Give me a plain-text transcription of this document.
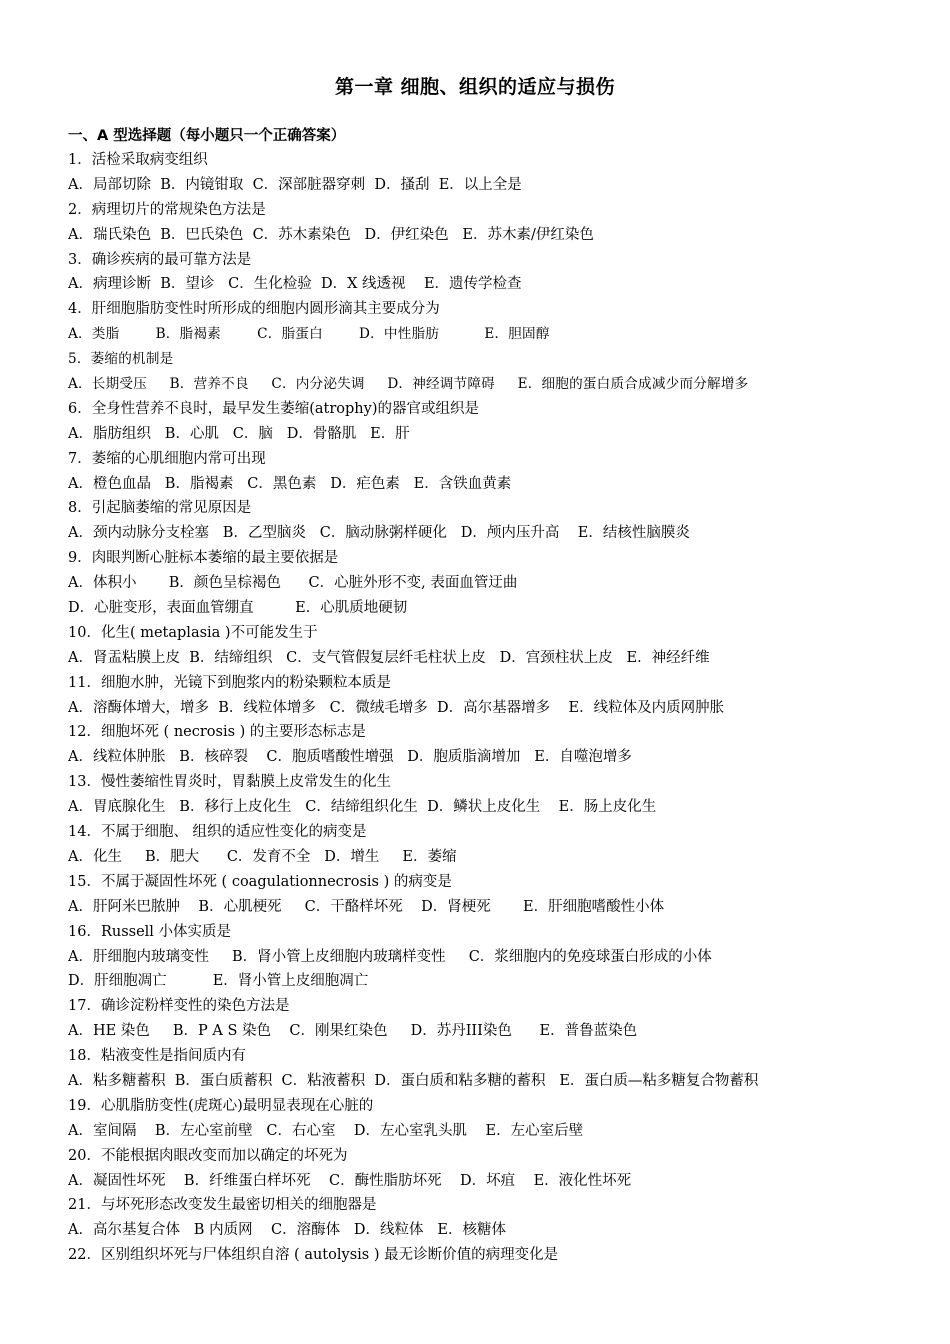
第一章 细胞、组织的适应与损伤
一、A 型选择题（每小题只一个正确答案）
1．活检采取病变组织
A．局部切除  B．内镜钳取  C．深部脏器穿刺  D．搔刮  E．以上全是
2．病理切片的常规染色方法是
A．瑞氏染色  B．巴氏染色  C．苏木素染色   D．伊红染色   E．苏木素/伊红染色
3．确诊疾病的最可靠方法是
A．病理诊断  B．望诊   C．生化检验  D．X 线透视    E．遗传学检查
4．肝细胞脂肪变性时所形成的细胞内圆形滴其主要成分为
A．类脂        B．脂褐素        C．脂蛋白        D．中性脂肪          E．胆固醇
5．萎缩的机制是
A．长期受压     B．营养不良     C．内分泌失调     D．神经调节障碍     E．细胞的蛋白质合成减少而分解增多
6．全身性营养不良时，最早发生萎缩(atrophy)的器官或组织是
A．脂肪组织   B．心肌   C．脑   D．骨骼肌   E．肝
7．萎缩的心肌细胞内常可出现
A．橙色血晶   B．脂褐素   C．黑色素   D．疟色素   E．含铁血黄素
8．引起脑萎缩的常见原因是
A．颈内动脉分支栓塞   B．乙型脑炎   C．脑动脉粥样硬化   D．颅内压升高    E．结核性脑膜炎
9．肉眼判断心脏标本萎缩的最主要依据是
A．体积小       B．颜色呈棕褐色      C．心脏外形不变, 表面血管迂曲
D．心脏变形，表面血管绷直         E．心肌质地硬韧
10．化生( metaplasia )不可能发生于
A．肾盂粘膜上皮  B．结缔组织   C．支气管假复层纤毛柱状上皮   D．宫颈柱状上皮   E．神经纤维
11．细胞水肿，光镜下到胞浆内的粉染颗粒本质是
A．溶酶体增大，增多  B．线粒体增多   C．微绒毛增多  D．高尔基器增多    E．线粒体及内质网肿胀
12．细胞坏死 ( necrosis ) 的主要形态标志是
A．线粒体肿胀   B．核碎裂    C．胞质嗜酸性增强   D．胞质脂滴增加   E．自噬泡增多
13．慢性萎缩性胃炎时，胃黏膜上皮常发生的化生
A．胃底腺化生   B．移行上皮化生   C．结缔组织化生  D．鳞状上皮化生    E．肠上皮化生
14．不属于细胞、 组织的适应性变化的病变是
A．化生     B．肥大      C．发育不全   D．增生     E．萎缩
15．不属于凝固性坏死 ( coagulationnecrosis ) 的病变是
A．肝阿米巴脓肿    B．心肌梗死     C．干酪样坏死    D．肾梗死       E．肝细胞嗜酸性小体
16．Russell 小体实质是
A．肝细胞内玻璃变性     B．肾小管上皮细胞内玻璃样变性     C．浆细胞内的免疫球蛋白形成的小体
D．肝细胞凋亡          E．肾小管上皮细胞凋亡
17．确诊淀粉样变性的染色方法是
A．HE 染色     B．P A S 染色    C．刚果红染色     D．苏丹III染色      E．普鲁蓝染色
18．粘液变性是指间质内有
A．粘多糖蓄积  B．蛋白质蓄积  C．粘液蓄积  D．蛋白质和粘多糖的蓄积   E．蛋白质—粘多糖复合物蓄积
19．心肌脂肪变性(虎斑心)最明显表现在心脏的
A．室间隔    B．左心室前壁   C．右心室    D．左心室乳头肌    E．左心室后壁
20．不能根据肉眼改变而加以确定的坏死为
A．凝固性坏死    B．纤维蛋白样坏死    C．酶性脂肪坏死    D．坏疽    E．液化性坏死
21．与坏死形态改变发生最密切相关的细胞器是
A．高尔基复合体   B 内质网    C．溶酶体   D．线粒体   E．核糖体
22．区别组织坏死与尸体组织自溶 ( autolysis ) 最无诊断价值的病理变化是
